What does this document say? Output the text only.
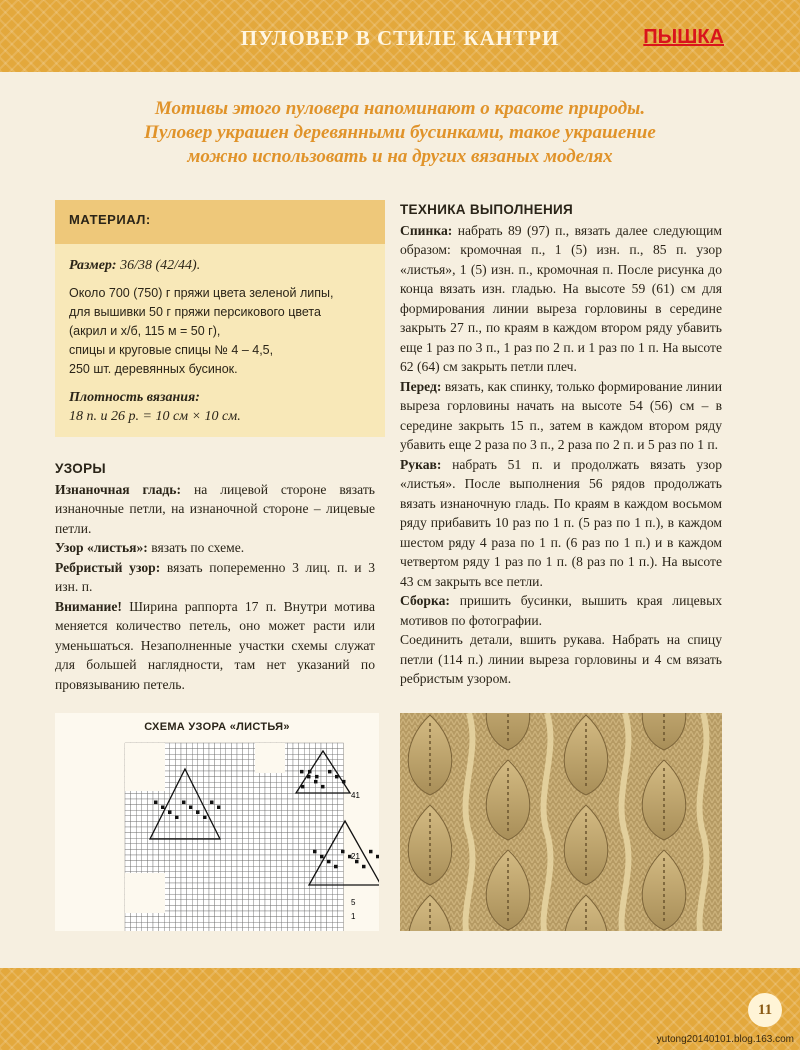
ПУЛОВЕР В СТИЛЕ КАНТРИ	ПЫШКА
Мотивы этого пуловера напоминают о красоте природы.
Пуловер украшен деревянными бусинками, такое украшение
можно использовать и на других вязаных моделях
МАТЕРИАЛ:
Размер: 36/38 (42/44).
Около 700 (750) г пряжи цвета зеленой липы,
для вышивки 50 г пряжи персикового цвета
(акрил и х/б, 115 м = 50 г),
спицы и круговые спицы № 4 – 4,5,
250 шт. деревянных бусинок.
Плотность вязания:
18 п. и 26 р. = 10 см × 10 см.

УЗОРЫ

Изнаночная гладь: на лицевой стороне вязать изнаночные петли, на изнаночной стороне – лицевые петли.

Узор «листья»: вязать по схеме.

Ребристый узор: вязать попеременно 3 лиц. п. и 3 изн. п.

Внимание! Ширина раппорта 17 п. Внутри мотива меняется количество петель, оно может расти или уменьшаться. Незаполненные участки схемы служат для большей наглядности, там нет указаний по провязыванию петель.

ТЕХНИКА ВЫПОЛНЕНИЯ

Спинка: набрать 89 (97) п., вязать далее следующим образом: кромочная п., 1 (5) изн. п., 85 п. узор «листья», 1 (5) изн. п., кромочная п. После рисунка до конца вязать изн. гладью. На высоте 59 (61) см для формирования линии выреза горловины в середине закрыть 27 п., по краям в каждом втором ряду убавить еще 1 раз по 3 п., 1 раз по 2 п. и 1 раз по 1 п. На высоте 62 (64) см закрыть петли плеч.

Перед: вязать, как спинку, только формирование линии выреза горловины начать на высоте 54 (56) см – в середине закрыть 15 п., затем в каждом втором ряду убавить еще 2 раза по 3 п., 2 раза по 2 п. и 5 раз по 1 п.

Рукав: набрать 51 п. и продолжать вязать узор «листья». После выполнения 56 рядов продолжать вязать изнаночную гладь. По краям в каждом восьмом ряду прибавить 10 раз по 1 п. (5 раз по 1 п.), в каждом шестом ряду 4 раза по 1 п. (6 раз по 1 п.) и в каждом четвертом ряду 1 раз по 1 п. (8 раз по 1 п.). На высоте 43 см закрыть все петли.

Сборка: пришить бусинки, вышить края лицевых мотивов по фотографии.

Соединить детали, вшить рукава. Набрать на спицу петли (114 п.) линии выреза горловины и 4 см вязать ребристым узором.

СХЕМА УЗОРА «ЛИСТЬЯ»
41
21
5
1
11
yutong20140101.blog.163.com
